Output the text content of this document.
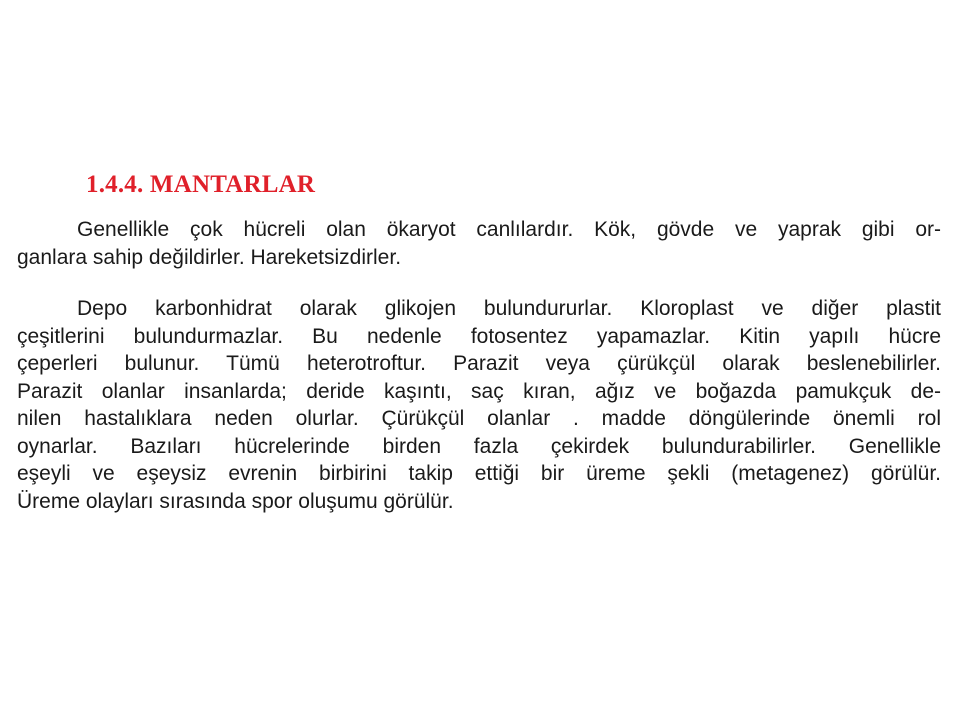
1.4.4. MANTARLAR

Genellikle çok hücreli olan ökaryot canlılardır. Kök, gövde ve yaprak gibi or-
ganlara sahip değildirler. Hareketsizdirler.

Depo karbonhidrat olarak glikojen bulundururlar. Kloroplast ve diğer plastit
çeşitlerini bulundurmazlar. Bu nedenle fotosentez yapamazlar. Kitin yapılı hücre
çeperleri bulunur. Tümü heterotroftur. Parazit veya çürükçül olarak beslenebilirler.
Parazit olanlar insanlarda; deride kaşıntı, saç kıran, ağız ve boğazda pamukçuk de-
nilen hastalıklara neden olurlar. Çürükçül olanlar . madde döngülerinde önemli rol
oynarlar. Bazıları hücrelerinde birden fazla çekirdek bulundurabilirler. Genellikle
eşeyli ve eşeysiz evrenin birbirini takip ettiği bir üreme şekli (metagenez) görülür.
Üreme olayları sırasında spor oluşumu görülür.
